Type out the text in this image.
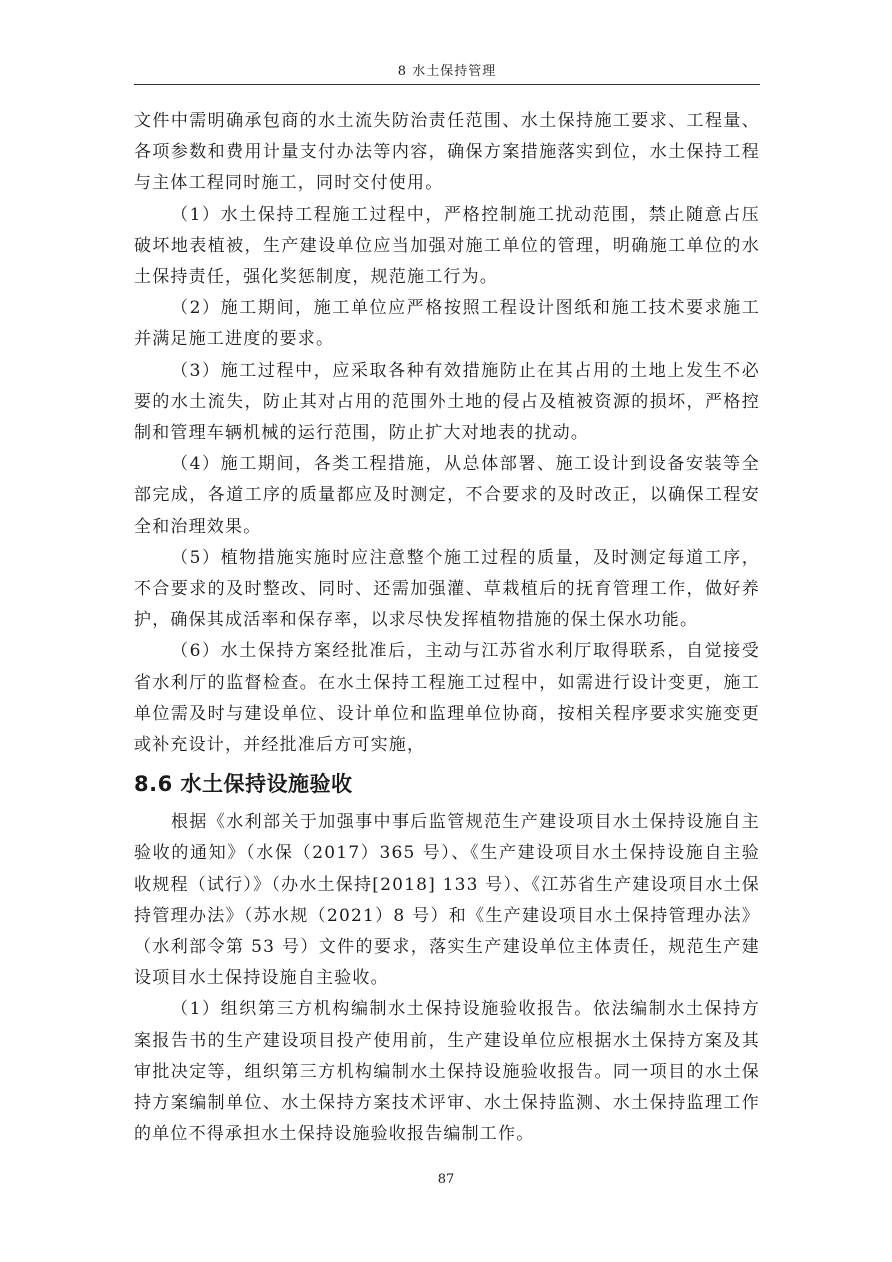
8 水土保持管理

文件中需明确承包商的水土流失防治责任范围、水土保持施工要求、工程量、各项参数和费用计量支付办法等内容，确保方案措施落实到位，水土保持工程与主体工程同时施工，同时交付使用。

（1）水土保持工程施工过程中，严格控制施工扰动范围，禁止随意占压破坏地表植被，生产建设单位应当加强对施工单位的管理，明确施工单位的水土保持责任，强化奖惩制度，规范施工行为。

（2）施工期间，施工单位应严格按照工程设计图纸和施工技术要求施工并满足施工进度的要求。

（3）施工过程中，应采取各种有效措施防止在其占用的土地上发生不必要的水土流失，防止其对占用的范围外土地的侵占及植被资源的损坏，严格控制和管理车辆机械的运行范围，防止扩大对地表的扰动。

（4）施工期间，各类工程措施，从总体部署、施工设计到设备安装等全部完成，各道工序的质量都应及时测定，不合要求的及时改正，以确保工程安全和治理效果。

（5）植物措施实施时应注意整个施工过程的质量，及时测定每道工序，不合要求的及时整改、同时、还需加强灌、草栽植后的抚育管理工作，做好养护，确保其成活率和保存率，以求尽快发挥植物措施的保土保水功能。

（6）水土保持方案经批准后，主动与江苏省水利厅取得联系，自觉接受省水利厅的监督检查。在水土保持工程施工过程中，如需进行设计变更，施工单位需及时与建设单位、设计单位和监理单位协商，按相关程序要求实施变更或补充设计，并经批准后方可实施，

8.6 水土保持设施验收

根据《水利部关于加强事中事后监管规范生产建设项目水土保持设施自主验收的通知》（水保（2017）365 号）、《生产建设项目水土保持设施自主验收规程（试行）》（办水土保持[2018] 133 号）、《江苏省生产建设项目水土保持管理办法》（苏水规（2021）8 号）和《生产建设项目水土保持管理办法》（水利部令第 53 号）文件的要求，落实生产建设单位主体责任，规范生产建设项目水土保持设施自主验收。

（1）组织第三方机构编制水土保持设施验收报告。依法编制水土保持方案报告书的生产建设项目投产使用前，生产建设单位应根据水土保持方案及其审批决定等，组织第三方机构编制水土保持设施验收报告。同一项目的水土保持方案编制单位、水土保持方案技术评审、水土保持监测、水土保持监理工作的单位不得承担水土保持设施验收报告编制工作。

87
